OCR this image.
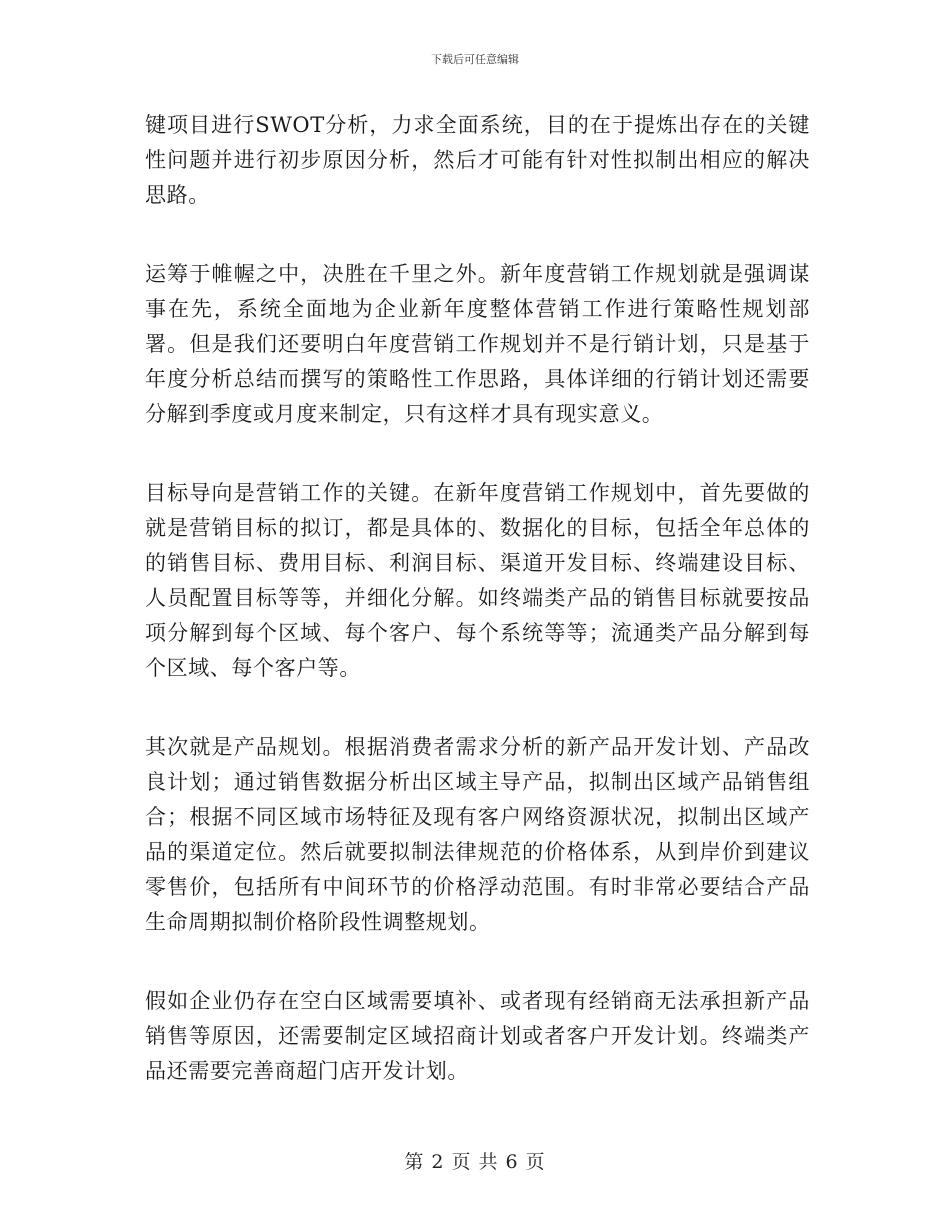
下载后可任意编辑

键项目进行SWOT分析，力求全面系统，目的在于提炼出存在的关键性问题并进行初步原因分析，然后才可能有针对性拟制出相应的解决思路。

运筹于帷幄之中，决胜在千里之外。新年度营销工作规划就是强调谋事在先，系统全面地为企业新年度整体营销工作进行策略性规划部署。但是我们还要明白年度营销工作规划并不是行销计划，只是基于年度分析总结而撰写的策略性工作思路，具体详细的行销计划还需要分解到季度或月度来制定，只有这样才具有现实意义。

目标导向是营销工作的关键。在新年度营销工作规划中，首先要做的就是营销目标的拟订，都是具体的、数据化的目标，包括全年总体的的销售目标、费用目标、利润目标、渠道开发目标、终端建设目标、人员配置目标等等，并细化分解。如终端类产品的销售目标就要按品项分解到每个区域、每个客户、每个系统等等；流通类产品分解到每个区域、每个客户等。

其次就是产品规划。根据消费者需求分析的新产品开发计划、产品改良计划；通过销售数据分析出区域主导产品，拟制出区域产品销售组合；根据不同区域市场特征及现有客户网络资源状况，拟制出区域产品的渠道定位。然后就要拟制法律规范的价格体系，从到岸价到建议零售价，包括所有中间环节的价格浮动范围。有时非常必要结合产品生命周期拟制价格阶段性调整规划。

假如企业仍存在空白区域需要填补、或者现有经销商无法承担新产品销售等原因，还需要制定区域招商计划或者客户开发计划。终端类产品还需要完善商超门店开发计划。

第 2 页 共 6 页
